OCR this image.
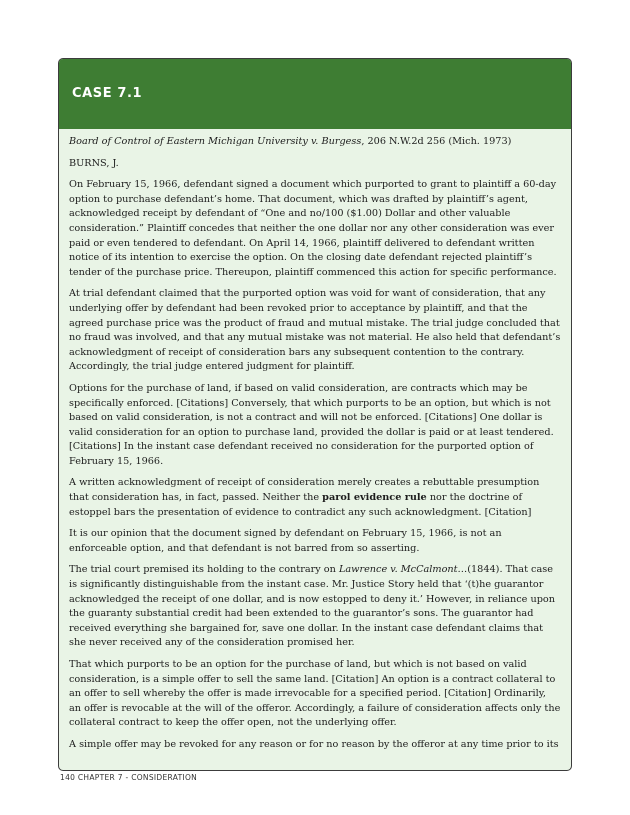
CASE 7.1

Board of Control of Eastern Michigan University v. Burgess, 206 N.W.2d 256 (Mich. 1973)

BURNS, J.

On February 15, 1966, defendant signed a document which purported to grant to plaintiff a 60-day option to purchase defendant’s home. That document, which was drafted by plaintiff’s agent, acknowledged receipt by defendant of “One and no/100 ($1.00) Dollar and other valuable consideration.” Plaintiff concedes that neither the one dollar nor any other consideration was ever paid or even tendered to defendant. On April 14, 1966, plaintiff delivered to defendant written notice of its intention to exercise the option. On the closing date defendant rejected plaintiff’s tender of the purchase price. Thereupon, plaintiff commenced this action for specific performance.

At trial defendant claimed that the purported option was void for want of consideration, that any underlying offer by defendant had been revoked prior to acceptance by plaintiff, and that the agreed purchase price was the product of fraud and mutual mistake. The trial judge concluded that no fraud was involved, and that any mutual mistake was not material. He also held that defendant’s acknowledgment of receipt of consideration bars any subsequent contention to the contrary. Accordingly, the trial judge entered judgment for plaintiff.

Options for the purchase of land, if based on valid consideration, are contracts which may be specifically enforced. [Citations] Conversely, that which purports to be an option, but which is not based on valid consideration, is not a contract and will not be enforced. [Citations] One dollar is valid consideration for an option to purchase land, provided the dollar is paid or at least tendered. [Citations] In the instant case defendant received no consideration for the purported option of February 15, 1966.

A written acknowledgment of receipt of consideration merely creates a rebuttable presumption that consideration has, in fact, passed. Neither the parol evidence rule nor the doctrine of estoppel bars the presentation of evidence to contradict any such acknowledgment. [Citation]

It is our opinion that the document signed by defendant on February 15, 1966, is not an enforceable option, and that defendant is not barred from so asserting.

The trial court premised its holding to the contrary on Lawrence v. McCalmont…(1844). That case is significantly distinguishable from the instant case. Mr. Justice Story held that ‘(t)he guarantor acknowledged the receipt of one dollar, and is now estopped to deny it.’ However, in reliance upon the guaranty substantial credit had been extended to the guarantor’s sons. The guarantor had received everything she bargained for, save one dollar. In the instant case defendant claims that she never received any of the consideration promised her.

That which purports to be an option for the purchase of land, but which is not based on valid consideration, is a simple offer to sell the same land. [Citation] An option is a contract collateral to an offer to sell whereby the offer is made irrevocable for a specified period. [Citation] Ordinarily, an offer is revocable at the will of the offeror. Accordingly, a failure of consideration affects only the collateral contract to keep the offer open, not the underlying offer.

A simple offer may be revoked for any reason or for no reason by the offeror at any time prior to its

140 CHAPTER 7 - CONSIDERATION
